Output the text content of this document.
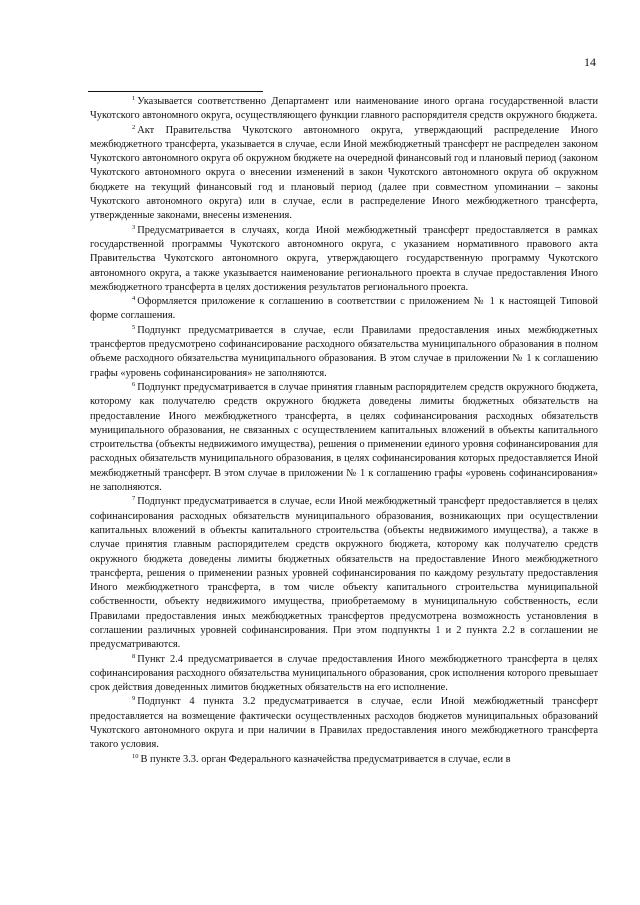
14

$^1$ Указывается соответственно Департамент или наименование иного органа государственной власти Чукотского автономного округа, осуществляющего функции главного распорядителя средств окружного бюджета.

$^2$ Акт Правительства Чукотского автономного округа, утверждающий распределение Иного межбюджетного трансферта, указывается в случае, если Иной межбюджетный трансферт не распределен законом Чукотского автономного округа об окружном бюджете на очередной финансовый год и плановый период (законом Чукотского автономного округа о внесении изменений в закон Чукотского автономного округа об окружном бюджете на текущий финансовый год и плановый период (далее при совместном упоминании – законы Чукотского автономного округа) или в случае, если в распределение Иного межбюджетного трансферта, утвержденные законами, внесены изменения.

$^3$ Предусматривается в случаях, когда Иной межбюджетный трансферт предоставляется в рамках государственной программы Чукотского автономного округа, с указанием нормативного правового акта Правительства Чукотского автономного округа, утверждающего государственную программу Чукотского автономного округа, а также указывается наименование регионального проекта в случае предоставления Иного межбюджетного трансферта в целях достижения результатов регионального проекта.

$^4$ Оформляется приложение к соглашению в соответствии с приложением № 1 к настоящей Типовой форме соглашения.

$^5$ Подпункт предусматривается в случае, если Правилами предоставления иных межбюджетных трансфертов предусмотрено софинансирование расходного обязательства муниципального образования в полном объеме расходного обязательства муниципального образования. В этом случае в приложении № 1 к соглашению графы «уровень софинансирования» не заполняются.

$^6$ Подпункт предусматривается в случае принятия главным распорядителем средств окружного бюджета, которому как получателю средств окружного бюджета доведены лимиты бюджетных обязательств на предоставление Иного межбюджетного трансферта, в целях софинансирования расходных обязательств муниципального образования, не связанных с осуществлением капитальных вложений в объекты капитального строительства (объекты недвижимого имущества), решения о применении единого уровня софинансирования для расходных обязательств муниципального образования, в целях софинансирования которых предоставляется Иной межбюджетный трансферт. В этом случае в приложении № 1 к соглашению графы «уровень софинансирования» не заполняются.

$^7$ Подпункт предусматривается в случае, если Иной межбюджетный трансферт предоставляется в целях софинансирования расходных обязательств муниципального образования, возникающих при осуществлении капитальных вложений в объекты капитального строительства (объекты недвижимого имущества), а также в случае принятия главным распорядителем средств окружного бюджета, которому как получателю средств окружного бюджета доведены лимиты бюджетных обязательств на предоставление Иного межбюджетного трансферта, решения о применении разных уровней софинансирования по каждому результату предоставления Иного межбюджетного трансферта, в том числе объекту капитального строительства муниципальной собственности, объекту недвижимого имущества, приобретаемому в муниципальную собственность, если Правилами предоставления иных межбюджетных трансфертов предусмотрена возможность установления в соглашении различных уровней софинансирования. При этом подпункты 1 и 2 пункта 2.2 в соглашении не предусматриваются.

$^8$ Пункт 2.4 предусматривается в случае предоставления Иного межбюджетного трансферта в целях софинансирования расходного обязательства муниципального образования, срок исполнения которого превышает срок действия доведенных лимитов бюджетных обязательств на его исполнение.

$^9$ Подпункт 4 пункта 3.2 предусматривается в случае, если Иной межбюджетный трансферт предоставляется на возмещение фактически осуществленных расходов бюджетов муниципальных образований Чукотского автономного округа и при наличии в Правилах предоставления иного межбюджетного трансферта такого условия.

$^{10}$ В пункте 3.3. орган Федерального казначейства предусматривается в случае, если в
